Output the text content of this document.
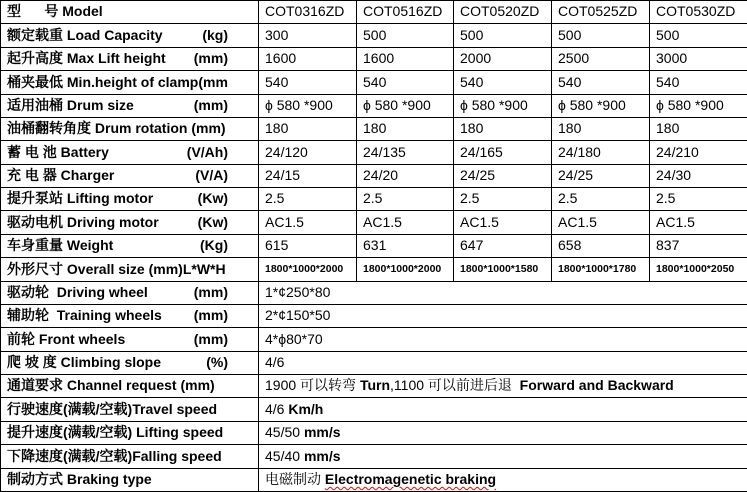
型      号 Model	COT0316ZD	COT0516ZD	COT0520ZD	COT0525ZD	COT0530ZD

额定载重 Load Capacity (kg)	300	500	500	500	500

起升高度 Max Lift height (mm)	1600	1600	2000	2500	3000

桶夹最低 Min.height of clamp(mm	540	540	540	540	540

适用油桶 Drum size (mm)	ϕ 580 *900	ϕ 580 *900	ϕ 580 *900	ϕ 580 *900	ϕ 580 *900

油桶翻转角度 Drum rotation (mm)	180	180	180	180	180

蓄 电 池 Battery (V/Ah)	24/120	24/135	24/165	24/180	24/210

充 电 器 Charger (V/A)	24/15	24/20	24/25	24/25	24/30

提升泵站 Lifting motor (Kw)	2.5	2.5	2.5	2.5	2.5

驱动电机 Driving motor (Kw)	AC1.5	AC1.5	AC1.5	AC1.5	AC1.5

车身重量 Weight (Kg)	615	631	647	658	837

外形尺寸 Overall size (mm)L*W*H	1800*1000*2000	1800*1000*2000	1800*1000*1580	1800*1000*1780	1800*1000*2050

驱动轮  Driving wheel (mm)	1*¢250*80				

辅助轮  Training wheels (mm)	2*¢150*50				

前轮 Front wheels (mm)	4*ϕ80*70				

爬 坡 度 Climbing slope (%)	4/6				

通道要求 Channel request (mm)	1900 可以转弯 Turn,1100 可以前进后退  Forward and Backward				

行驶速度(满载/空载)Travel speed	4/6 Km/h				

提升速度(满载/空载) Lifting speed	45/50 mm/s				

下降速度(满载/空载)Falling speed	45/40 mm/s				

制动方式 Braking type	电磁制动 Electromagenetic braking				
